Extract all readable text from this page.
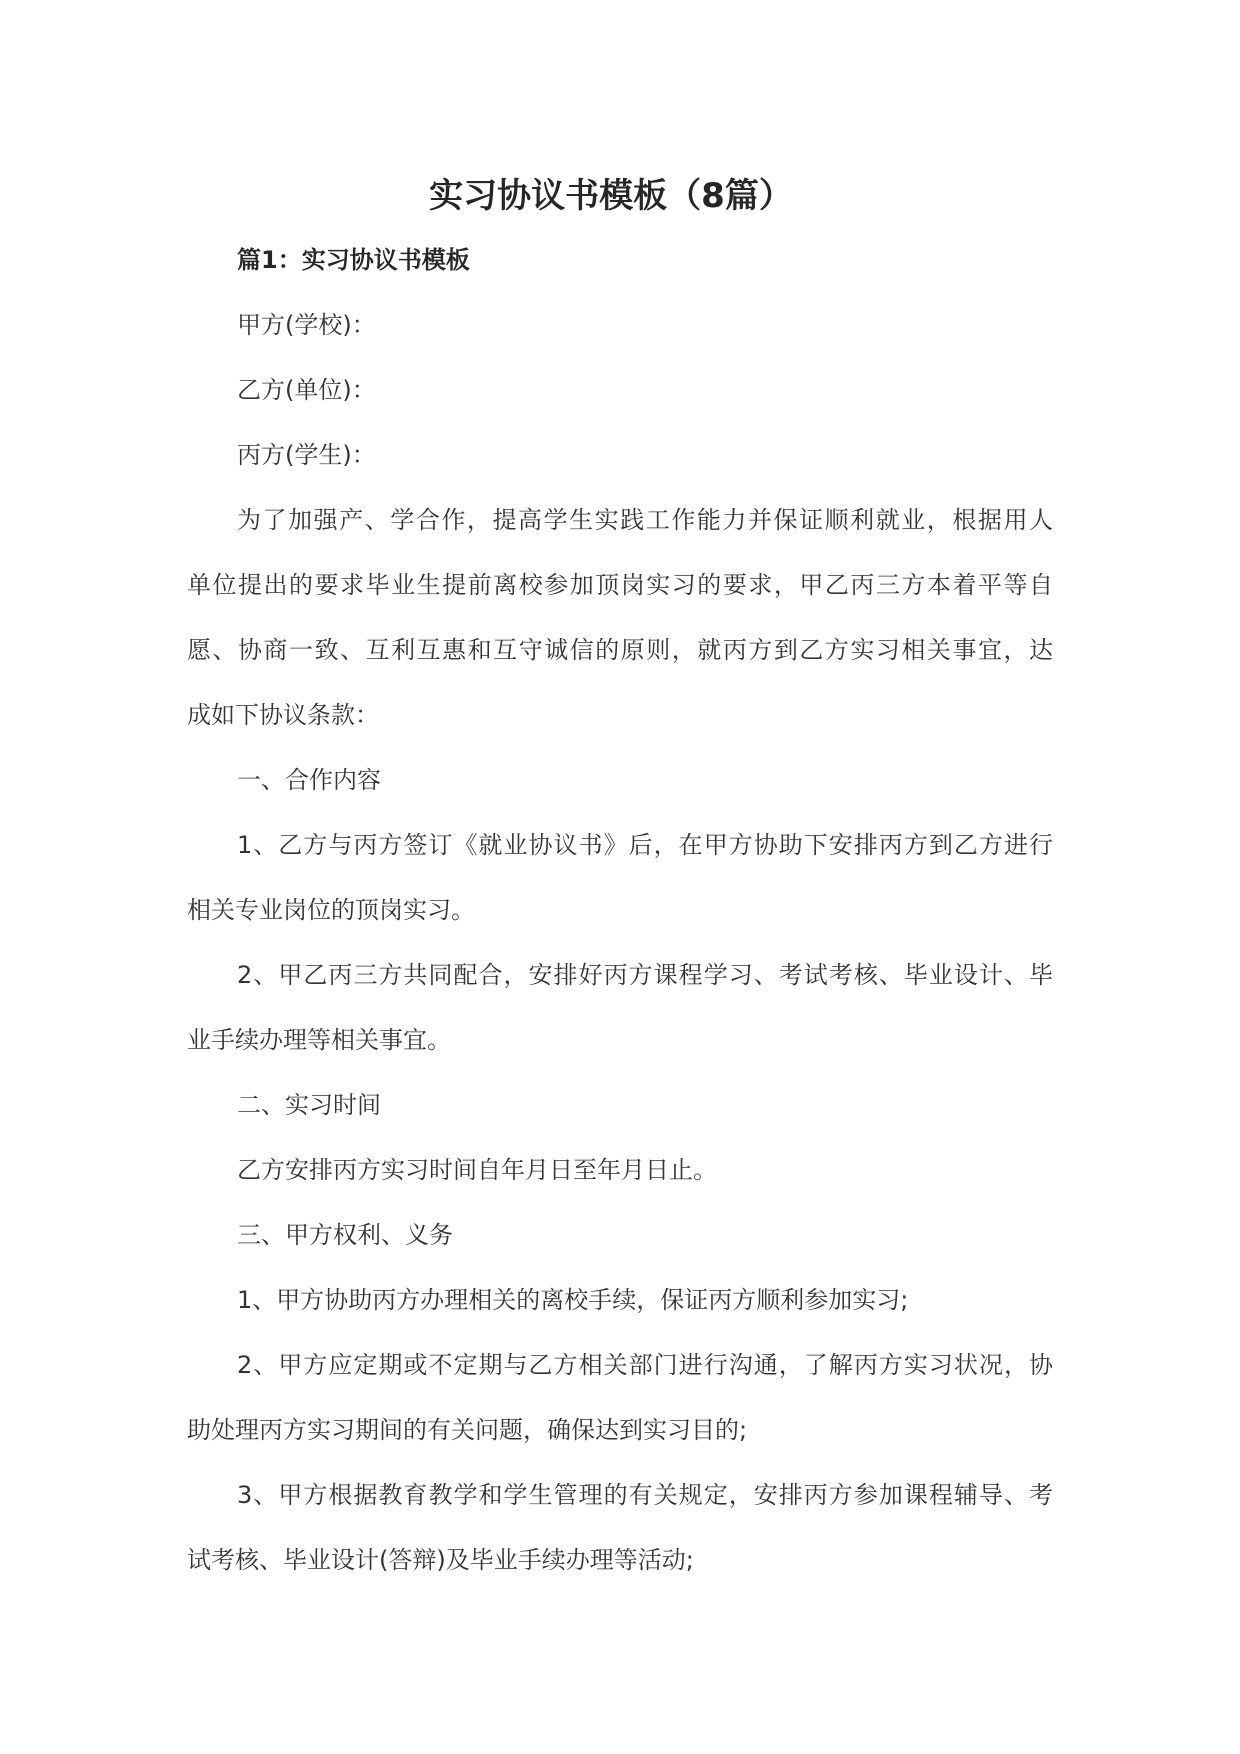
实习协议书模板（8篇）
篇1：实习协议书模板
甲方(学校)：
乙方(单位)：
丙方(学生)：
为了加强产、学合作，提高学生实践工作能力并保证顺利就业，根据用人
单位提出的要求毕业生提前离校参加顶岗实习的要求，甲乙丙三方本着平等自
愿、协商一致、互利互惠和互守诚信的原则，就丙方到乙方实习相关事宜，达
成如下协议条款：
一、合作内容
1、乙方与丙方签订《就业协议书》后，在甲方协助下安排丙方到乙方进行
相关专业岗位的顶岗实习。
2、甲乙丙三方共同配合，安排好丙方课程学习、考试考核、毕业设计、毕
业手续办理等相关事宜。
二、实习时间
乙方安排丙方实习时间自年月日至年月日止。
三、甲方权利、义务
1、甲方协助丙方办理相关的离校手续，保证丙方顺利参加实习;
2、甲方应定期或不定期与乙方相关部门进行沟通，了解丙方实习状况，协
助处理丙方实习期间的有关问题，确保达到实习目的;
3、甲方根据教育教学和学生管理的有关规定，安排丙方参加课程辅导、考
试考核、毕业设计(答辩)及毕业手续办理等活动;
